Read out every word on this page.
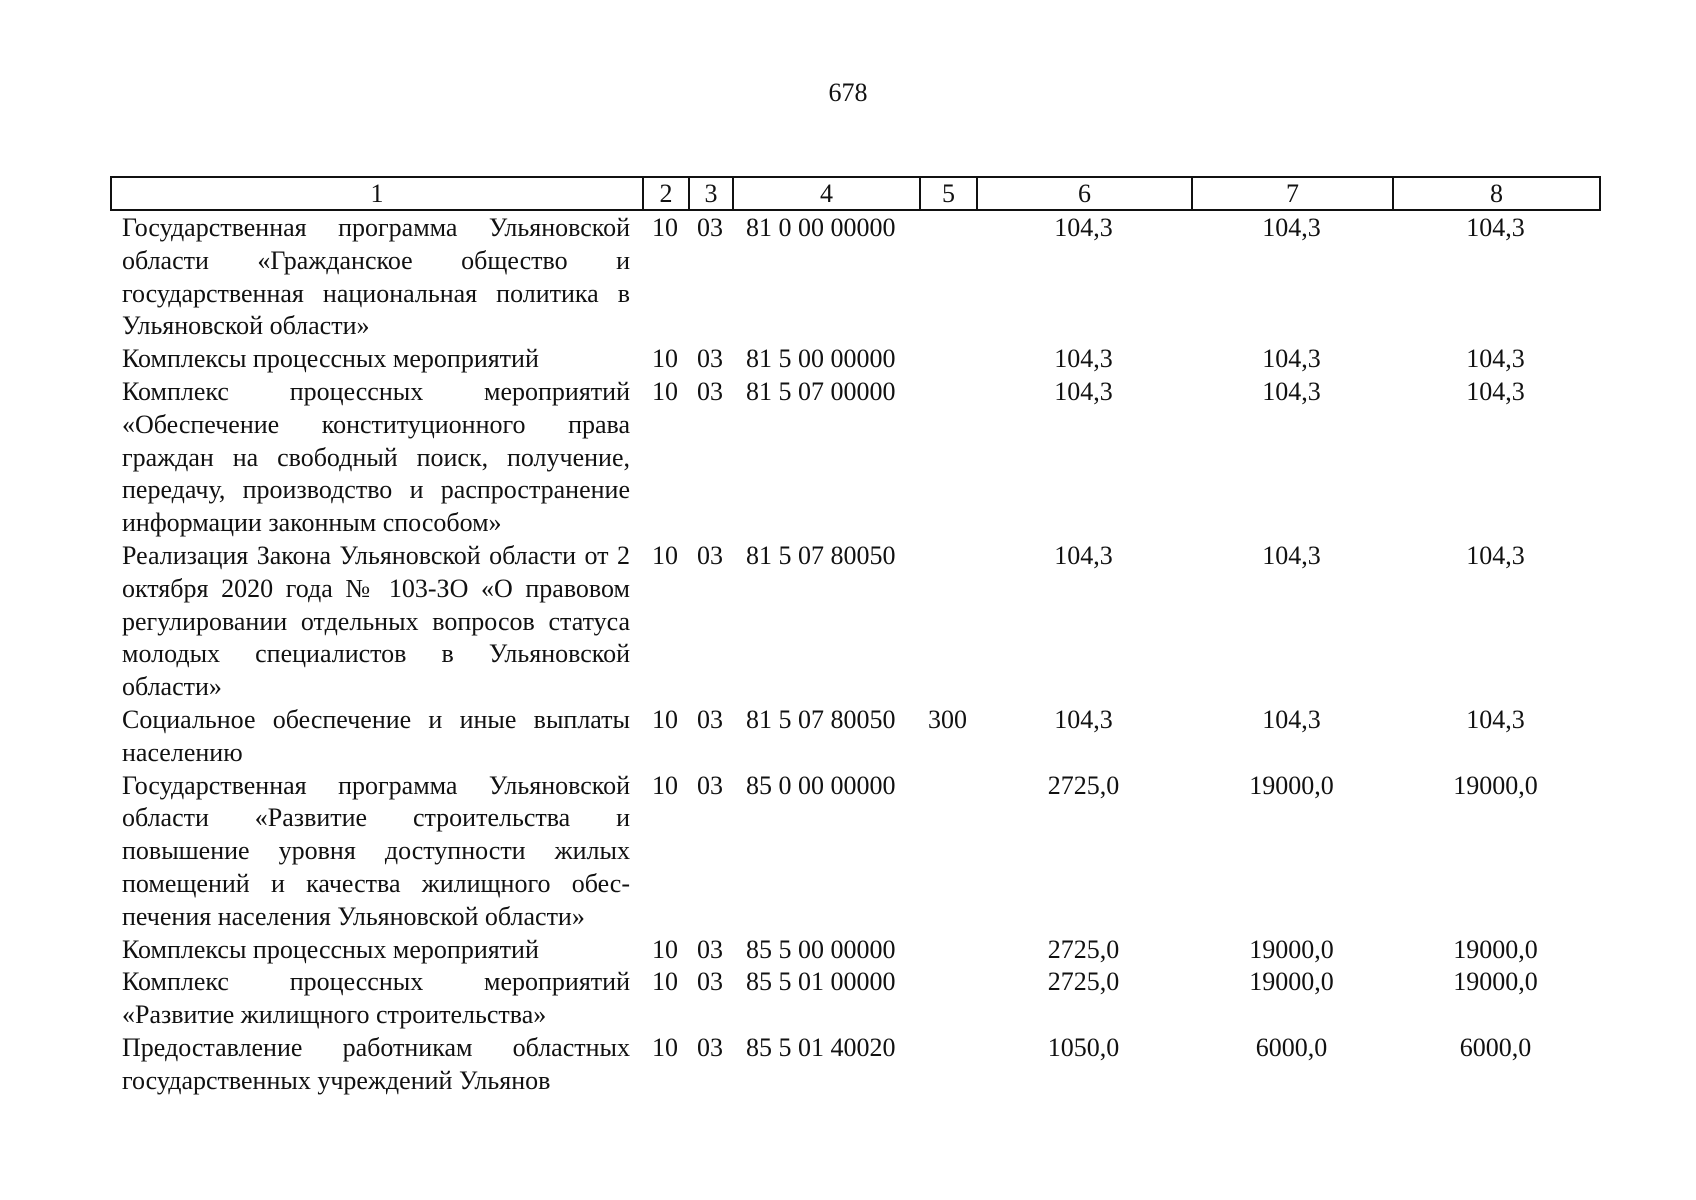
678
1	2	3	4	5	6	7	8
Государственная программа Ульяновской области «Гражданское общество и государственная национальная политика в Ульяновской области»	10	03	81 0 00 00000		104,3	104,3	104,3
Комплексы процессных мероприятий	10	03	81 5 00 00000		104,3	104,3	104,3
Комплекс процессных мероприятий «Обеспечение конституционного права граждан на свободный поиск, получение, передачу, производство и распространение информации законным способом»	10	03	81 5 07 00000		104,3	104,3	104,3
Реализация Закона Ульяновской области от 2 октября 2020 года № 103-ЗО «О правовом регулировании отдельных вопросов статуса молодых специалистов в Ульяновской области»	10	03	81 5 07 80050		104,3	104,3	104,3
Социальное обеспечение и иные выплаты населению	10	03	81 5 07 80050	300	104,3	104,3	104,3
Государственная программа Ульяновской области «Развитие строительства и повышение уровня доступности жилых помещений и качества жилищного обеспечения населения Ульяновской области»	10	03	85 0 00 00000		2725,0	19000,0	19000,0
Комплексы процессных мероприятий	10	03	85 5 00 00000		2725,0	19000,0	19000,0
Комплекс процессных мероприятий «Развитие жилищного строительства»	10	03	85 5 01 00000		2725,0	19000,0	19000,0
Предоставление работникам областных государственных учреждений Ульянов	10	03	85 5 01 40020		1050,0	6000,0	6000,0
